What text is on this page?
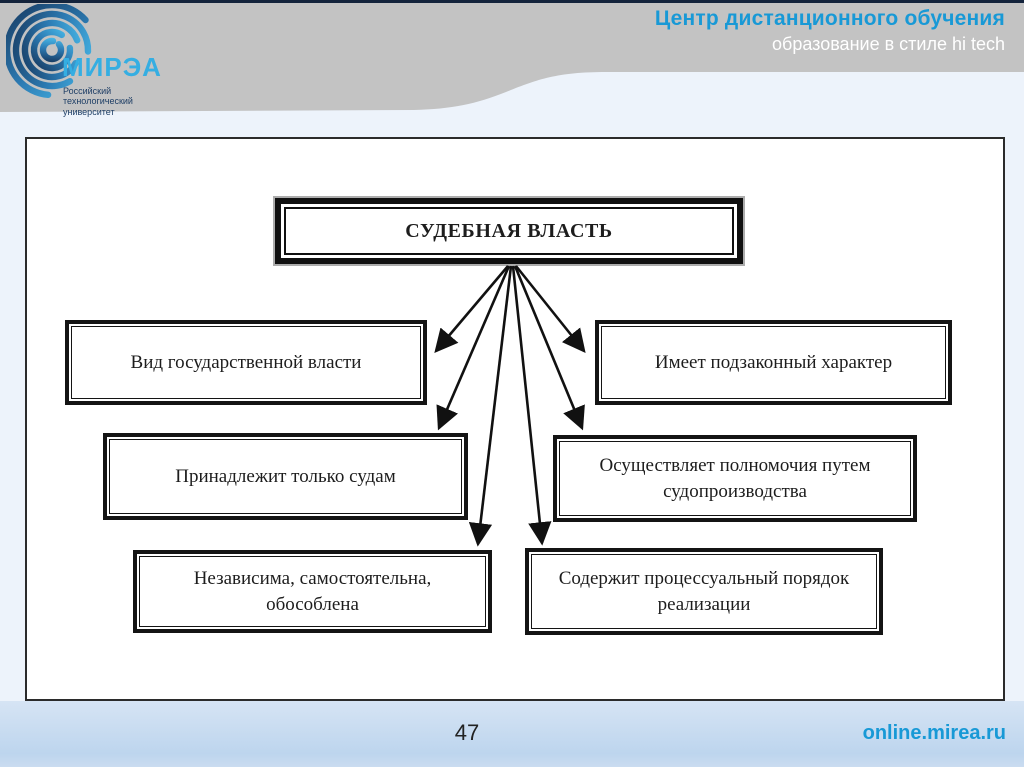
МИРЭА
Российский
технологический
университет
Центр дистанционного обучения
образование в стиле hi tech
СУДЕБНАЯ ВЛАСТЬ
Вид государственной власти	Имеет подзаконный характер
Принадлежит только судам
Осуществляет полномочия путем судопроизводства
Независима, самостоятельна, обособлена
Содержит процессуальный порядок реализации
47	online.mirea.ru
